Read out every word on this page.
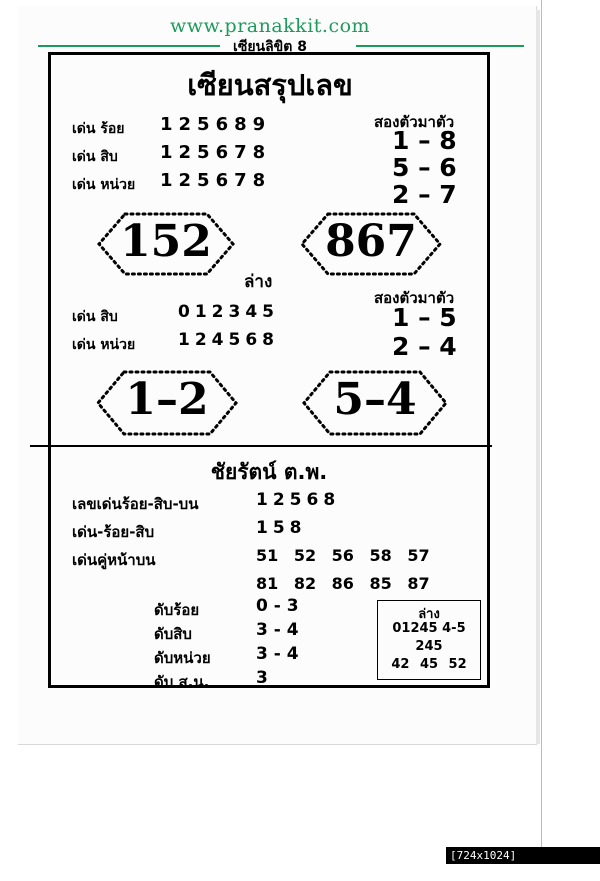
www.pranakkit.com
เซียนลิขิต 8
เซียนสรุปเลข
เด่น ร้อย 125689
เด่น สิบ 125678
เด่น หน่วย 125678
สองตัวมาตัว
1 – 8
5 – 6
2 – 7
152	867
ล่าง
เด่น สิบ	012345
เด่น หน่วย	124568
สองตัวมาตัว
1 – 5
2 – 4
1–2	5–4
ชัยรัตน์ ต.พ.
เลขเด่นร้อย-สิบ-บน	12568
เด่น-ร้อย-สิบ	158
เด่นคู่หน้าบน	51 52 56 58 57
81 82 86 85 87
ดับร้อย	0 - 3
ดับสิบ	3 - 4
ดับหน่วย	3 - 4
ดับ ส.น.	3
ล่าง
01245 4-5
245
42 45 52
[724x1024] http://upic.me/
